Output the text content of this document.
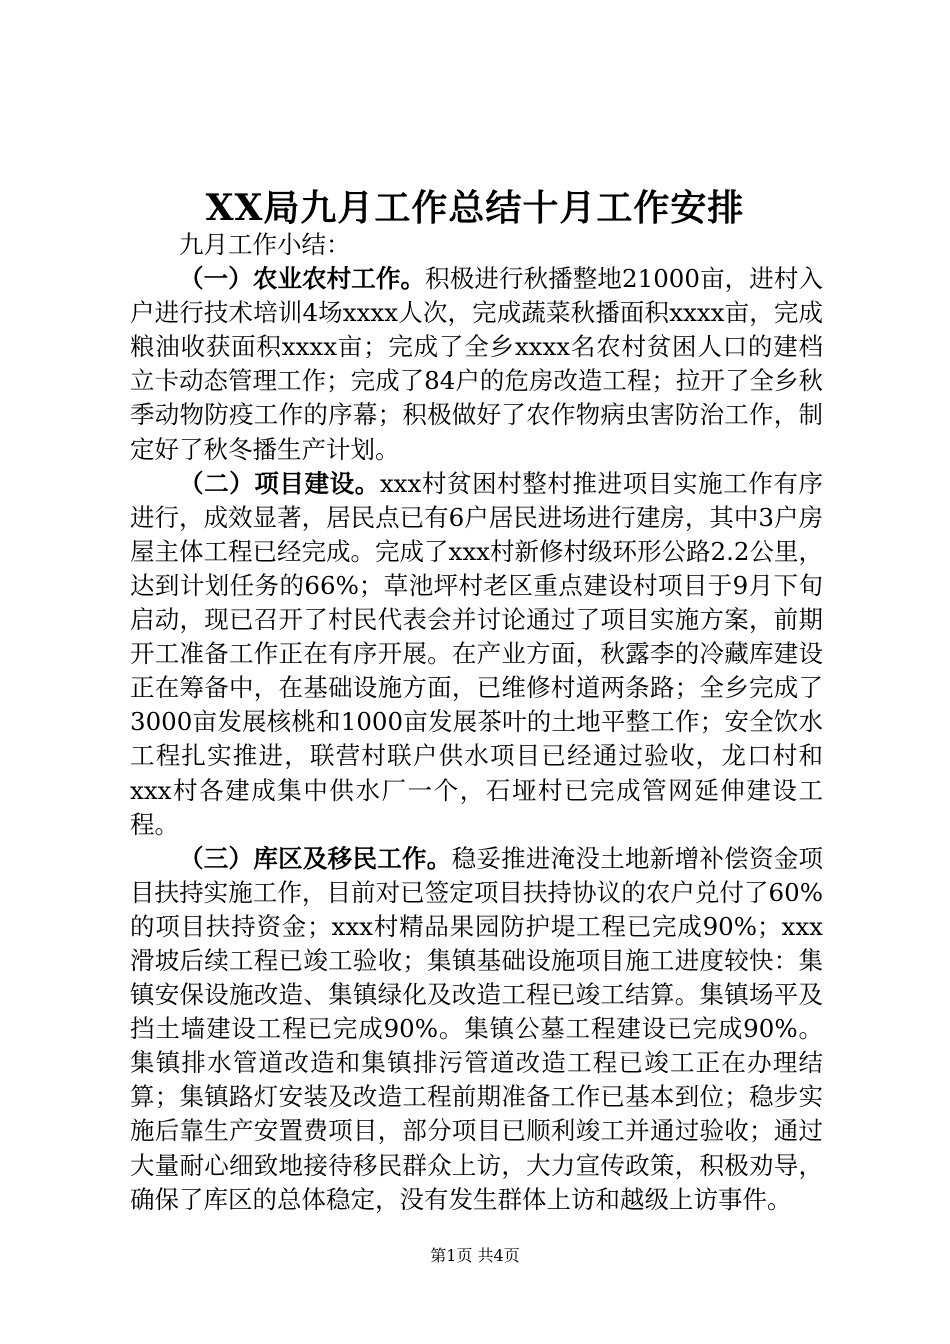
XX局九月工作总结十月工作安排

九月工作小结：

（一）农业农村工作。积极进行秋播整地21000亩，进村入户进行技术培训4场xxxx人次，完成蔬菜秋播面积xxxx亩，完成粮油收获面积xxxx亩；完成了全乡xxxx名农村贫困人口的建档立卡动态管理工作；完成了84户的危房改造工程；拉开了全乡秋季动物防疫工作的序幕；积极做好了农作物病虫害防治工作，制定好了秋冬播生产计划。

（二）项目建设。xxx村贫困村整村推进项目实施工作有序进行，成效显著，居民点已有6户居民进场进行建房，其中3户房屋主体工程已经完成。完成了xxx村新修村级环形公路2.2公里，达到计划任务的66%；草池坪村老区重点建设村项目于9月下旬启动，现已召开了村民代表会并讨论通过了项目实施方案，前期开工准备工作正在有序开展。在产业方面，秋露李的冷藏库建设正在筹备中，在基础设施方面，已维修村道两条路；全乡完成了3000亩发展核桃和1000亩发展茶叶的土地平整工作；安全饮水工程扎实推进，联营村联户供水项目已经通过验收，龙口村和xxx村各建成集中供水厂一个，石垭村已完成管网延伸建设工程。

（三）库区及移民工作。稳妥推进淹没土地新增补偿资金项目扶持实施工作，目前对已签定项目扶持协议的农户兑付了60%的项目扶持资金；xxx村精品果园防护堤工程已完成90%；xxx滑坡后续工程已竣工验收；集镇基础设施项目施工进度较快：集镇安保设施改造、集镇绿化及改造工程已竣工结算。集镇场平及挡土墙建设工程已完成90%。集镇公墓工程建设已完成90%。集镇排水管道改造和集镇排污管道改造工程已竣工正在办理结算；集镇路灯安装及改造工程前期准备工作已基本到位；稳步实施后靠生产安置费项目，部分项目已顺利竣工并通过验收；通过大量耐心细致地接待移民群众上访，大力宣传政策，积极劝导，确保了库区的总体稳定，没有发生群体上访和越级上访事件。

第1页 共4页
